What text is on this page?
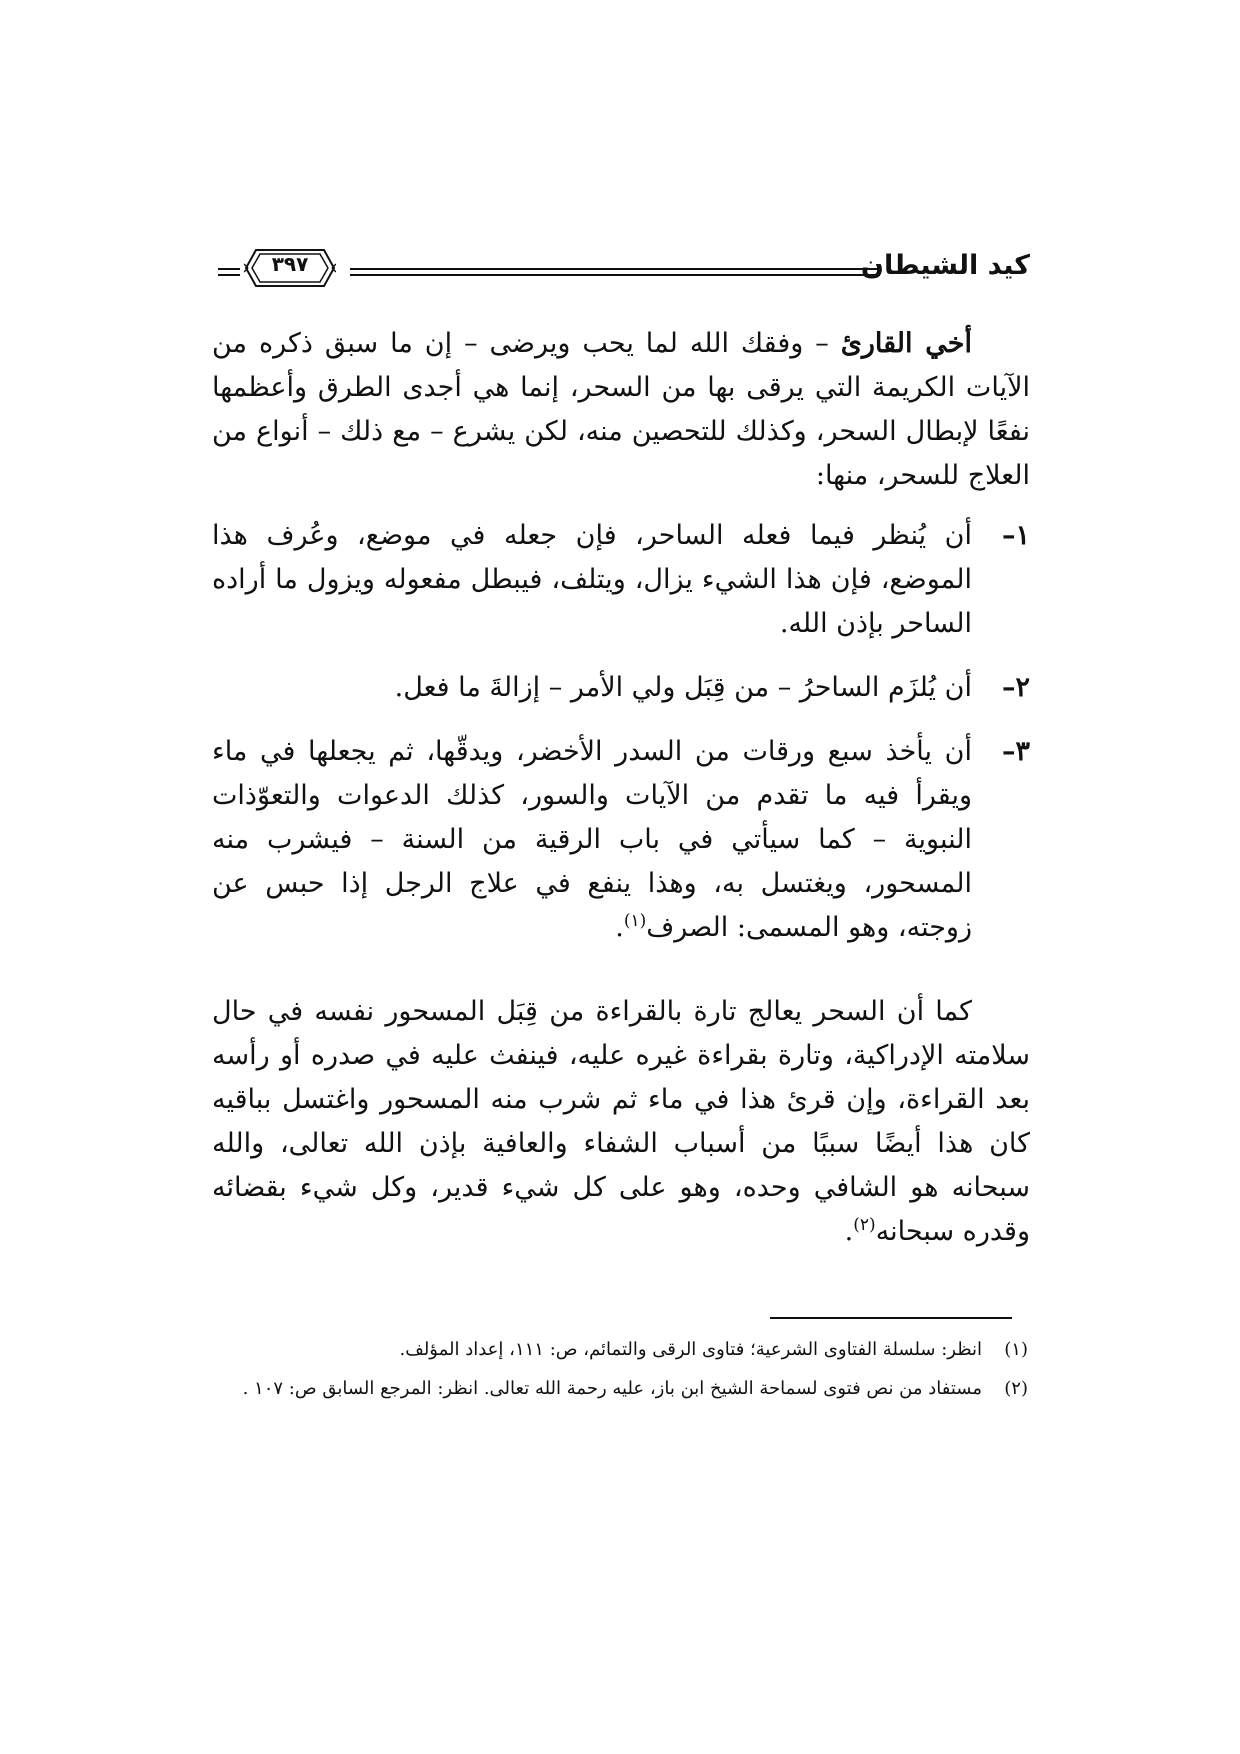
كيد الشيطان
٣٩٧

أخي القارئ – وفقك الله لما يحب ويرضى – إن ما سبق ذكره من الآيات الكريمة التي يرقى بها من السحر، إنما هي أجدى الطرق وأعظمها نفعًا لإبطال السحر، وكذلك للتحصين منه، لكن يشرع – مع ذلك – أنواع من العلاج للسحر، منها:

١–
أن يُنظر فيما فعله الساحر، فإن جعله في موضع، وعُرف هذا الموضع، فإن هذا الشيء يزال، ويتلف، فيبطل مفعوله ويزول ما أراده الساحر بإذن الله.
٢–
أن يُلزَم الساحرُ – من قِبَل ولي الأمر – إزالةَ ما فعل.
٣–
أن يأخذ سبع ورقات من السدر الأخضر، ويدقّها، ثم يجعلها في ماء ويقرأ فيه ما تقدم من الآيات والسور، كذلك الدعوات والتعوّذات النبوية – كما سيأتي في باب الرقية من السنة – فيشرب منه المسحور، ويغتسل به، وهذا ينفع في علاج الرجل إذا حبس عن زوجته، وهو المسمى: الصرف$^{(١)}$.

كما أن السحر يعالج تارة بالقراءة من قِبَل المسحور نفسه في حال سلامته الإدراكية، وتارة بقراءة غيره عليه، فينفث عليه في صدره أو رأسه بعد القراءة، وإن قرئ هذا في ماء ثم شرب منه المسحور واغتسل بباقيه كان هذا أيضًا سببًا من أسباب الشفاء والعافية بإذن الله تعالى، والله سبحانه هو الشافي وحده، وهو على كل شيء قدير، وكل شيء بقضائه وقدره سبحانه$^{(٢)}$.

(١)
انظر: سلسلة الفتاوى الشرعية؛ فتاوى الرقى والتمائم، ص: ١١١، إعداد المؤلف.
(٢)
مستفاد من نص فتوى لسماحة الشيخ ابن باز، عليه رحمة الله تعالى. انظر: المرجع السابق ص: ١٠٧ .
